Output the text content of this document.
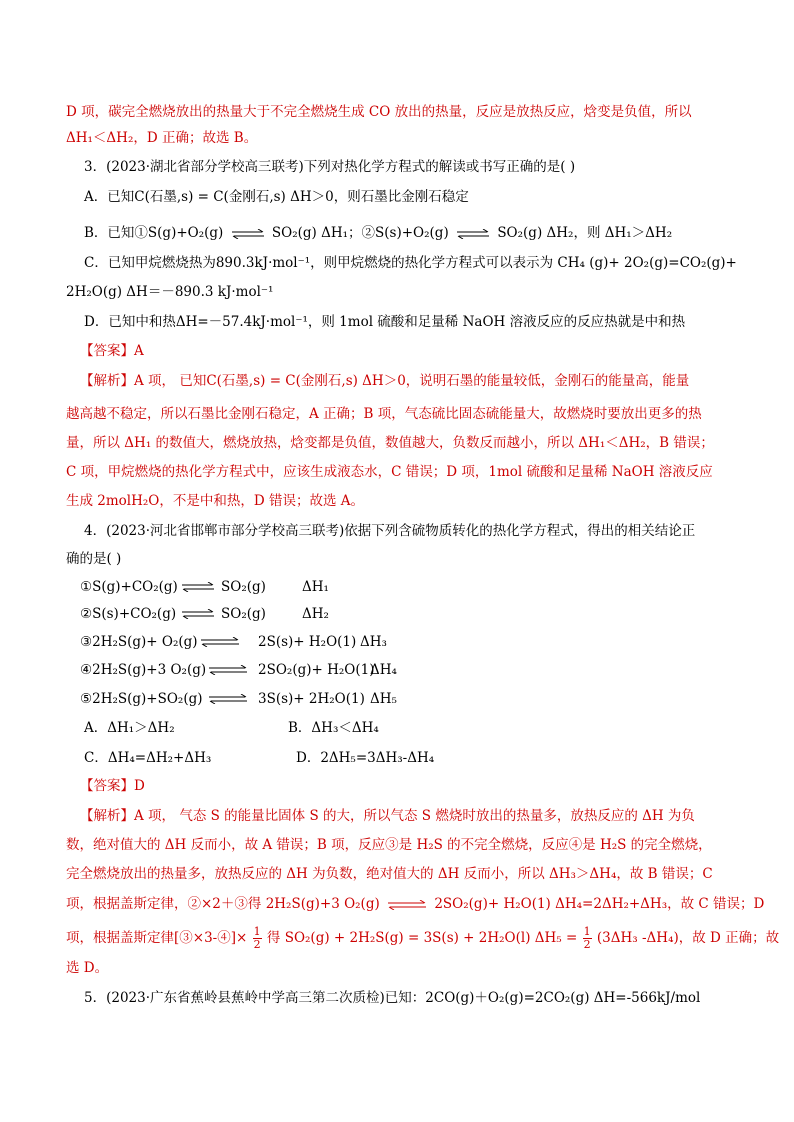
D 项，碳完全燃烧放出的热量大于不完全燃烧生成 CO 放出的热量，反应是放热反应，焓变是负值，所以
ΔH₁＜ΔH₂，D 正确；故选 B。
3．(2023·湖北省部分学校高三联考)下列对热化学方程式的解读或书写正确的是( )
A．已知C(石墨,s) = C(金刚石,s) ΔH＞0，则石墨比金刚石稳定
B．已知①S(g)+O₂(g) ⇌ SO₂(g) ΔH₁；②S(s)+O₂(g) ⇌ SO₂(g) ΔH₂，则 ΔH₁＞ΔH₂
C．已知甲烷燃烧热为890.3kJ·mol⁻¹，则甲烷燃烧的热化学方程式可以表示为 CH₄ (g)+ 2O₂(g)=CO₂(g)+
2H₂O(g) ΔH＝－890.3 kJ·mol⁻¹
D．已知中和热ΔH=－57.4kJ·mol⁻¹，则 1mol 硫酸和足量稀 NaOH 溶液反应的反应热就是中和热
【答案】A
【解析】A 项， 已知C(石墨,s) = C(金刚石,s) ΔH＞0，说明石墨的能量较低，金刚石的能量高，能量
越高越不稳定，所以石墨比金刚石稳定，A 正确；B 项，气态硫比固态硫能量大，故燃烧时要放出更多的热
量，所以 ΔH₁ 的数值大，燃烧放热，焓变都是负值，数值越大，负数反而越小，所以 ΔH₁＜ΔH₂，B 错误；
C 项，甲烷燃烧的热化学方程式中，应该生成液态水，C 错误；D 项，1mol 硫酸和足量稀 NaOH 溶液反应
生成 2molH₂O，不是中和热，D 错误；故选 A。
4．(2023·河北省邯郸市部分学校高三联考)依据下列含硫物质转化的热化学方程式，得出的相关结论正
确的是( )
①S(g)+CO₂(g) ⇌ SO₂(g)	ΔH₁
②S(s)+CO₂(g) ⇌ SO₂(g)	ΔH₂
③2H₂S(g)+ O₂(g) ⇌ 2S(s)+ H₂O(1) ΔH₃
④2H₂S(g)+3 O₂(g) ⇌ 2SO₂(g)+ H₂O(1)
ΔH₄
⑤2H₂S(g)+SO₂(g) ⇌ 3S(s)+ 2H₂O(1) ΔH₅
A．ΔH₁＞ΔH₂	B．ΔH₃＜ΔH₄
C．ΔH₄=ΔH₂+ΔH₃	D．2ΔH₅=3ΔH₃-ΔH₄
【答案】D
【解析】A 项， 气态 S 的能量比固体 S 的大，所以气态 S 燃烧时放出的热量多，放热反应的 ΔH 为负
数，绝对值大的 ΔH 反而小，故 A 错误；B 项，反应③是 H₂S 的不完全燃烧，反应④是 H₂S 的完全燃烧，
完全燃烧放出的热量多，放热反应的 ΔH 为负数，绝对值大的 ΔH 反而小，所以 ΔH₃＞ΔH₄，故 B 错误；C
项，根据盖斯定律，②×2＋③得 2H₂S(g)+3 O₂(g) ⇌ 2SO₂(g)+ H₂O(1) ΔH₄=2ΔH₂+ΔH₃，故 C 错误；D
项，根据盖斯定律[③×3-④]× $\frac{1}{2}$ 得 SO₂(g) + 2H₂S(g) = 3S(s) + 2H₂O(l) $\Delta H_5 = \frac{1}{2} (3\Delta H_3$ -ΔH₄)，故 D 正确；故
选 D。
5．(2023·广东省蕉岭县蕉岭中学高三第二次质检)已知：2CO(g)＋O₂(g)=2CO₂(g) ΔH=-566kJ/mol
